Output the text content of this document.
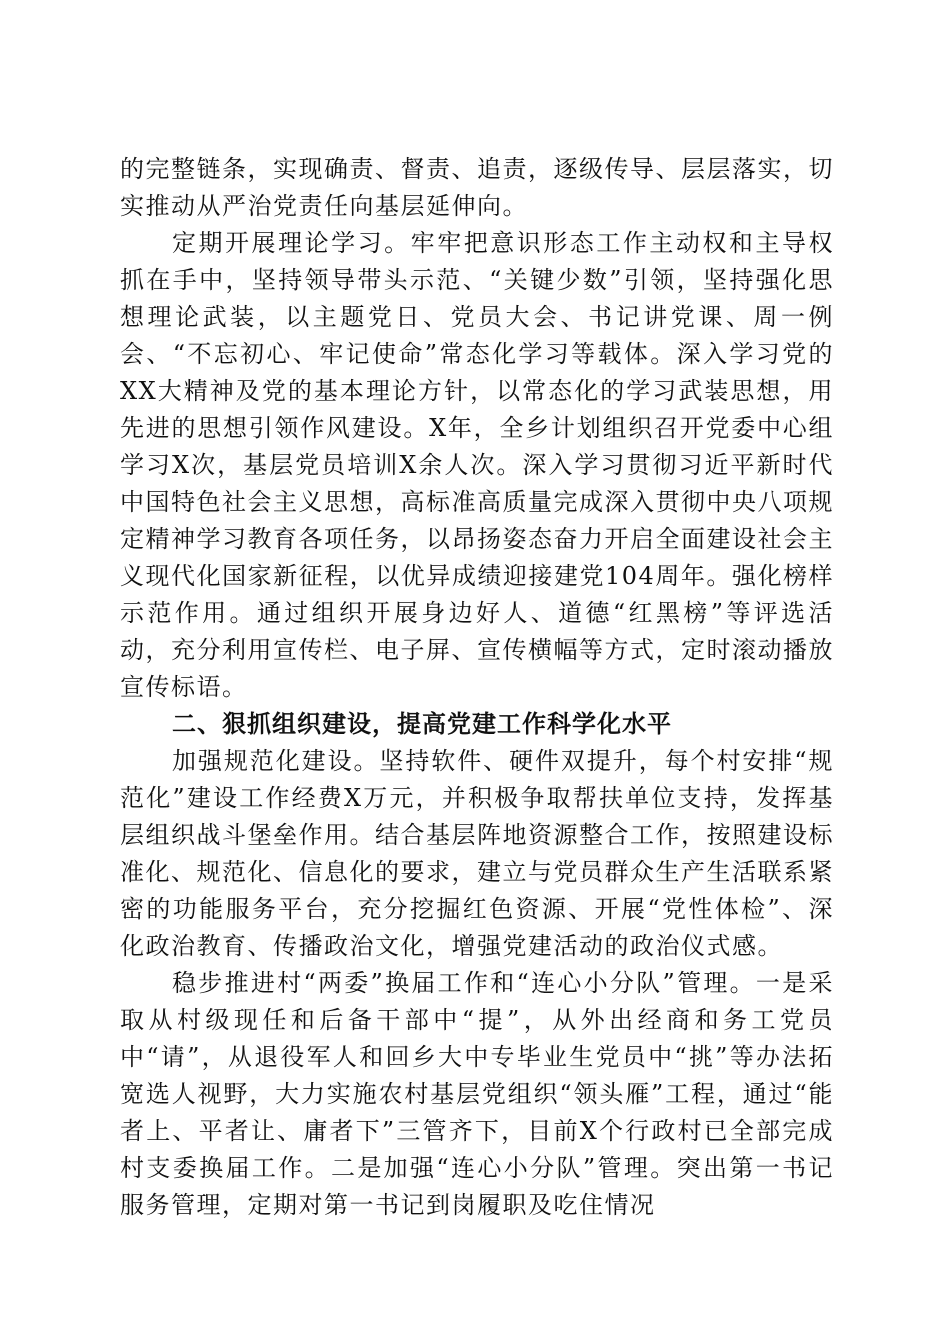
的完整链条，实现确责、督责、追责，逐级传导、层层落实，切实推动从严治党责任向基层延伸向。

定期开展理论学习。牢牢把意识形态工作主动权和主导权抓在手中，坚持领导带头示范、“关键少数”引领，坚持强化思想理论武装，以主题党日、党员大会、书记讲党课、周一例会、“不忘初心、牢记使命”常态化学习等载体。深入学习党的XX大精神及党的基本理论方针，以常态化的学习武装思想，用先进的思想引领作风建设。X年，全乡计划组织召开党委中心组学习X次，基层党员培训X余人次。深入学习贯彻习近平新时代中国特色社会主义思想，高标准高质量完成深入贯彻中央八项规定精神学习教育各项任务，以昂扬姿态奋力开启全面建设社会主义现代化国家新征程，以优异成绩迎接建党104周年。强化榜样示范作用。通过组织开展身边好人、道德“红黑榜”等评选活动，充分利用宣传栏、电子屏、宣传横幅等方式，定时滚动播放宣传标语。

二、狠抓组织建设，提高党建工作科学化水平

加强规范化建设。坚持软件、硬件双提升，每个村安排“规范化”建设工作经费X万元，并积极争取帮扶单位支持，发挥基层组织战斗堡垒作用。结合基层阵地资源整合工作，按照建设标准化、规范化、信息化的要求，建立与党员群众生产生活联系紧密的功能服务平台，充分挖掘红色资源、开展“党性体检”、深化政治教育、传播政治文化，增强党建活动的政治仪式感。

稳步推进村“两委”换届工作和“连心小分队”管理。一是采取从村级现任和后备干部中“提”，从外出经商和务工党员中“请”，从退役军人和回乡大中专毕业生党员中“挑”等办法拓宽选人视野，大力实施农村基层党组织“领头雁”工程，通过“能者上、平者让、庸者下”三管齐下，目前X个行政村已全部完成村支委换届工作。二是加强“连心小分队”管理。突出第一书记服务管理，定期对第一书记到岗履职及吃住情况
